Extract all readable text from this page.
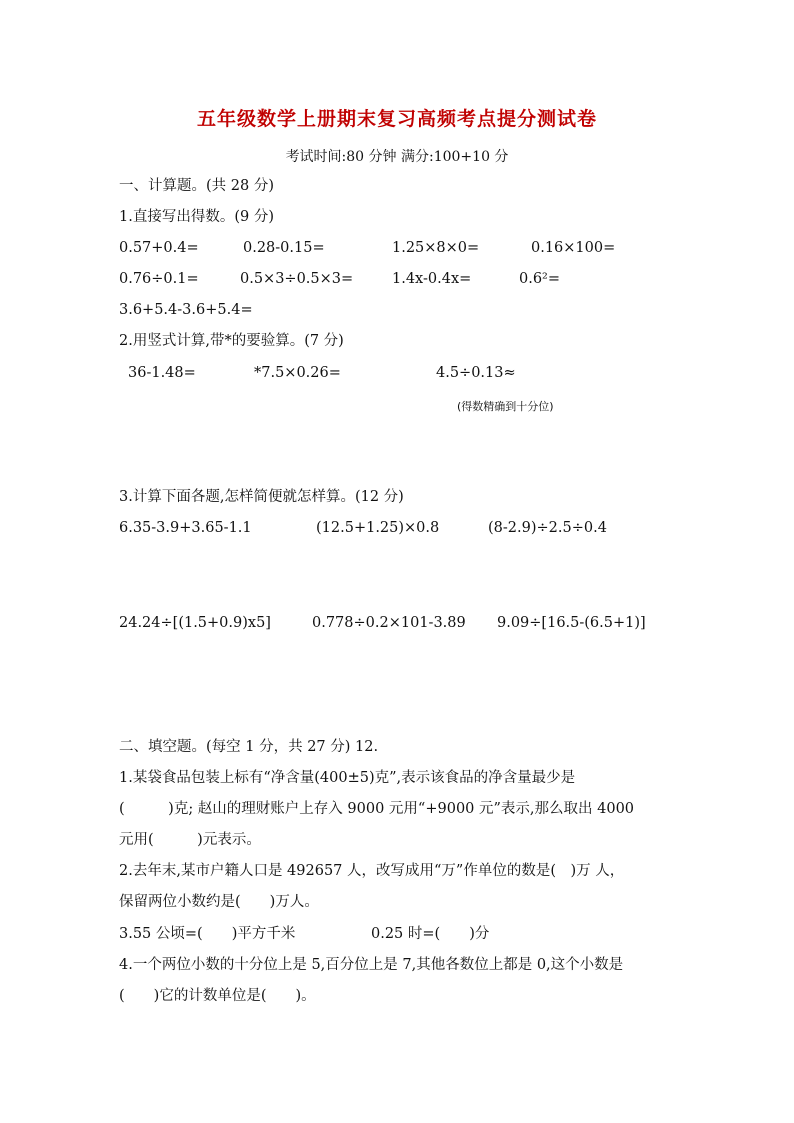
五年级数学上册期末复习高频考点提分测试卷
考试时间:80 分钟 满分:100+10 分
一、计算题。(共 28 分)
1.直接写出得数。(9 分)
0.57+0.4=	0.28-0.15=	1.25×8×0=	0.16×100=
0.76÷0.1=	0.5×3÷0.5×3=	1.4x-0.4x=	0.6²=
3.6+5.4-3.6+5.4=
2.用竖式计算,带*的要验算。(7 分)
36-1.48=	*7.5×0.26=	4.5÷0.13≈
(得数精确到十分位)
3.计算下面各题,怎样简便就怎样算。(12 分)
6.35-3.9+3.65-1.1	(12.5+1.25)×0.8	(8-2.9)÷2.5÷0.4
24.24÷[(1.5+0.9)x5]	0.778÷0.2×101-3.89 9.09÷[16.5-(6.5+1)]
二、填空题。(每空 1 分，共 27 分) 12.
1.某袋食品包装上标有“净含量(400±5)克”,表示该食品的净含量最少是
(　　　)克; 赵山的理财账户上存入 9000 元用“+9000 元”表示,那么取出 4000
元用(　　　)元表示。
2.去年末,某市户籍人口是 492657 人，改写成用“万”作单位的数是(　)万 人，
保留两位小数约是(　　)万人。
3.55 公顷=(　　)平方千米	0.25 时=(　　)分
4.一个两位小数的十分位上是 5,百分位上是 7,其他各数位上都是 0,这个小数是
(　　)它的计数单位是(　　)。
